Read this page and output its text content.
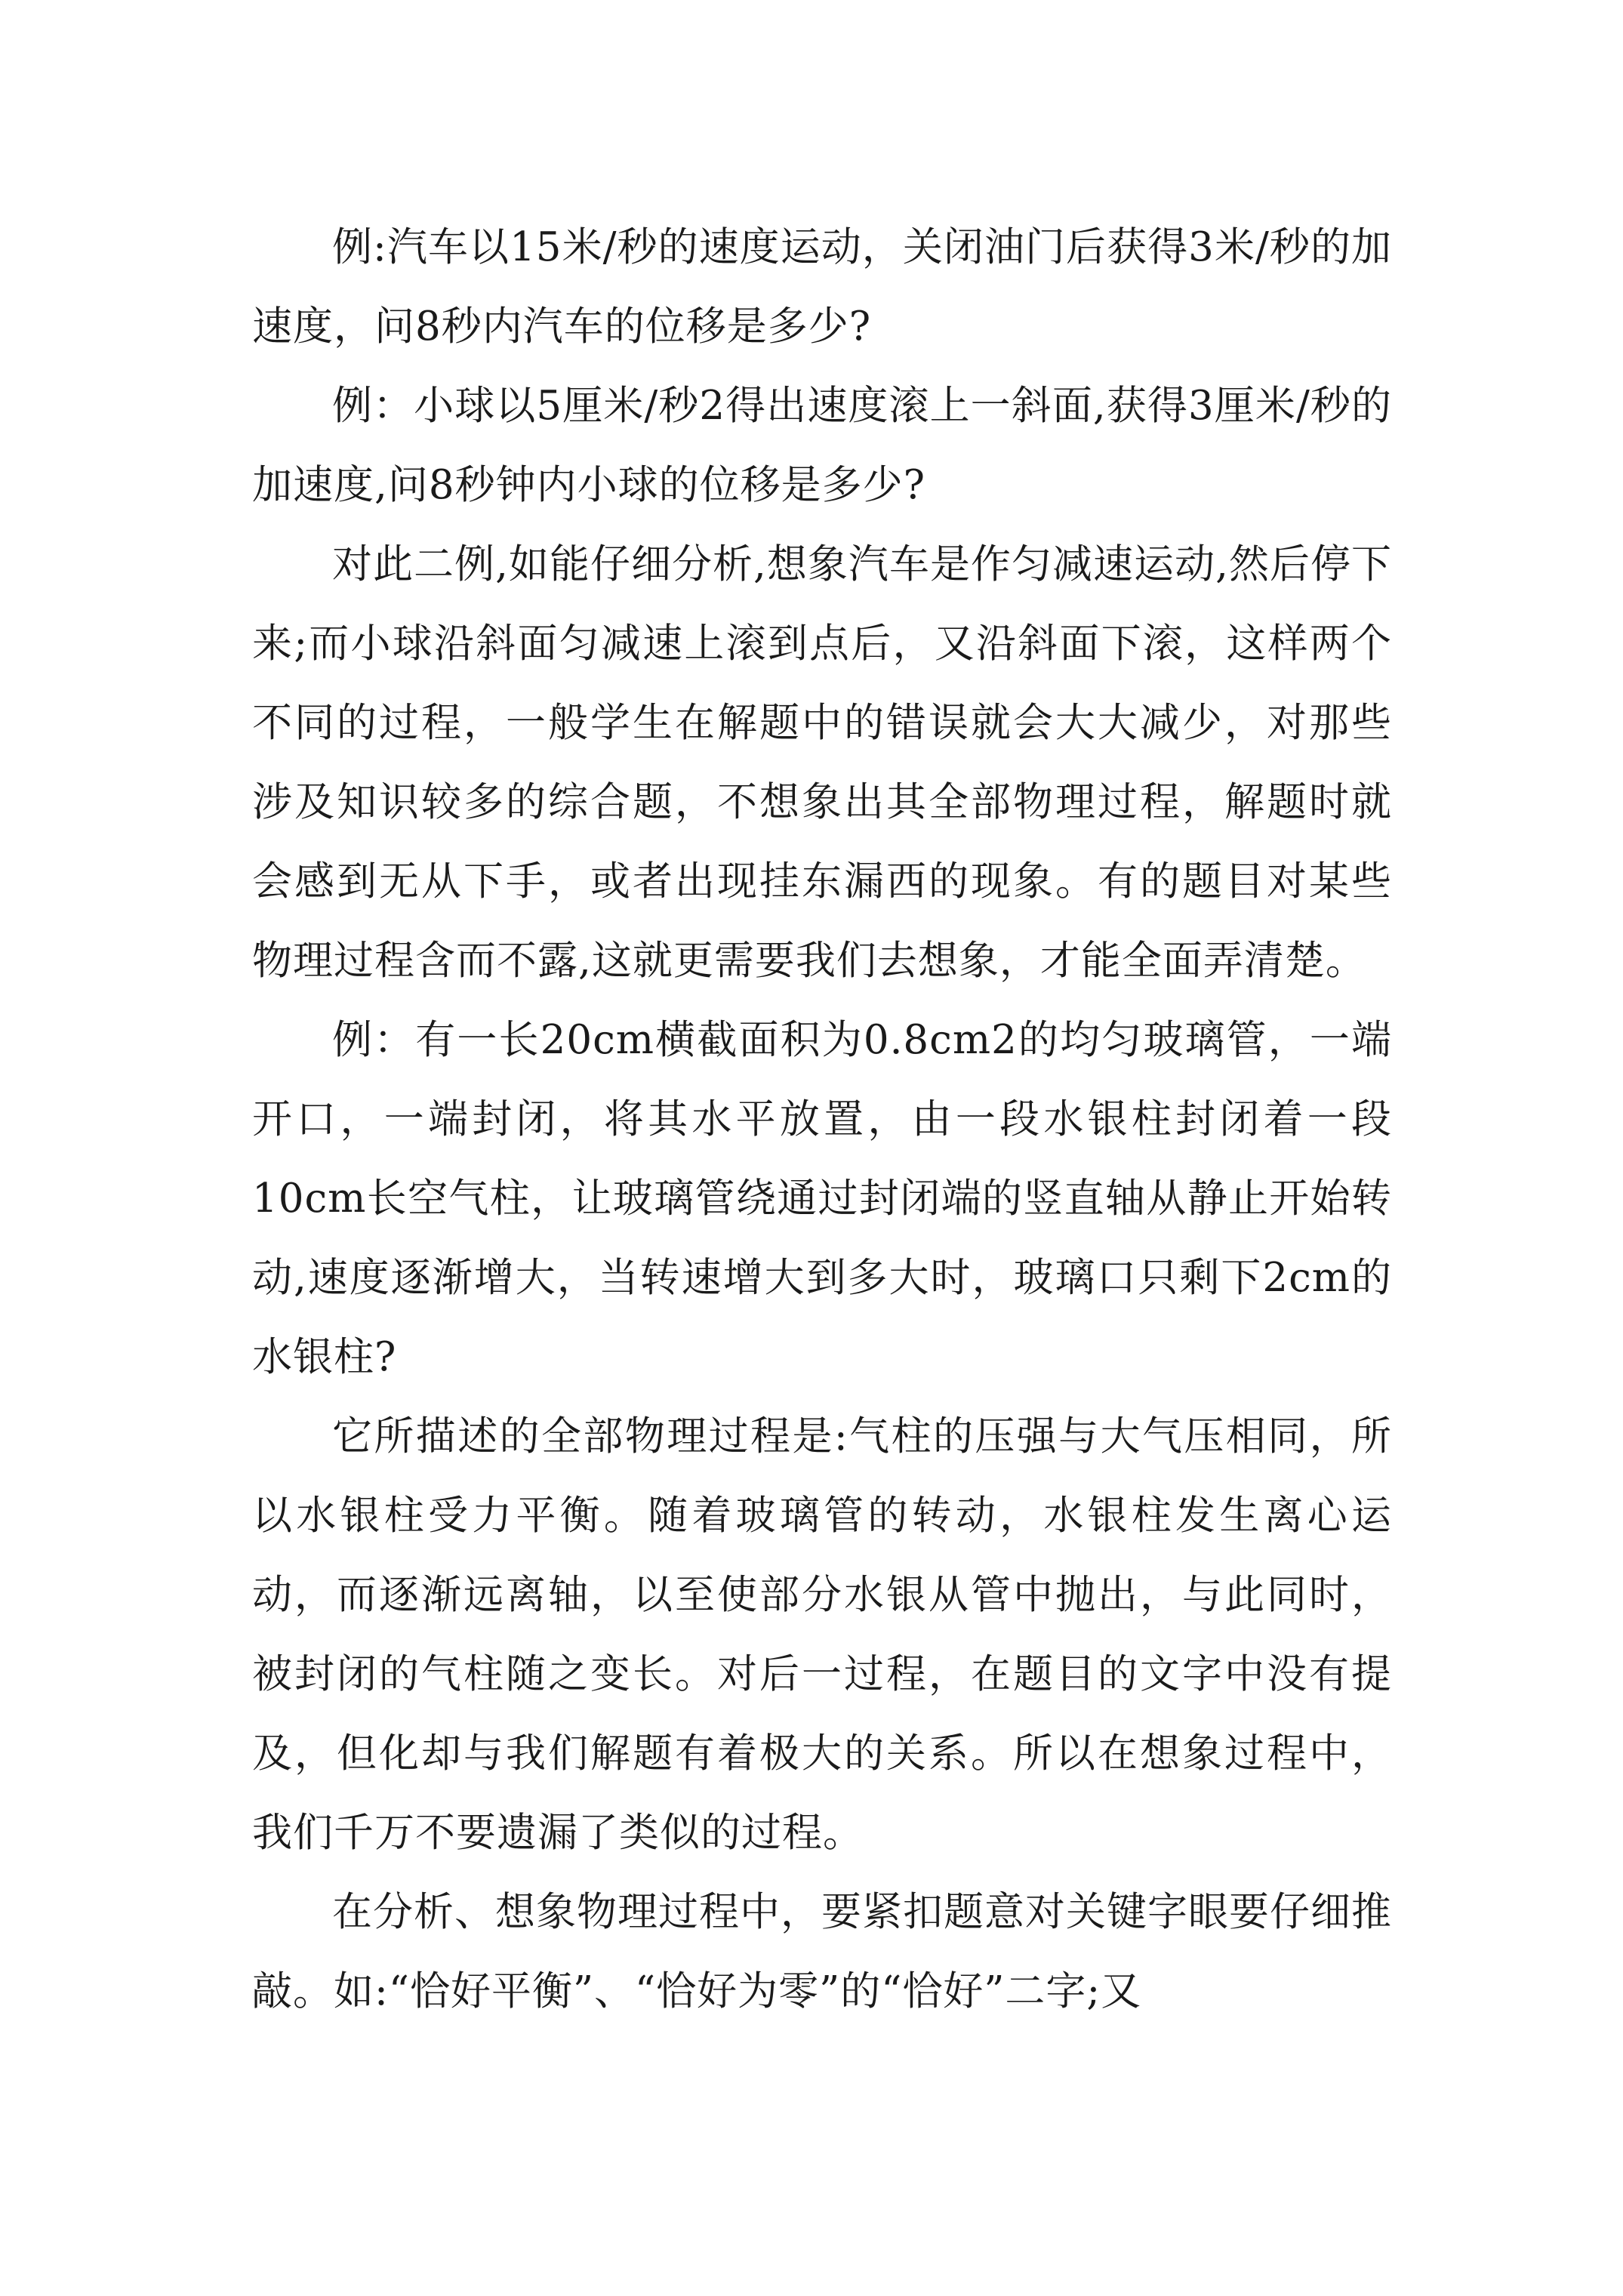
例:汽车以15米/秒的速度运动，关闭油门后获得3米/秒的加速度，问8秒内汽车的位移是多少?

例：小球以5厘米/秒2得出速度滚上一斜面,获得3厘米/秒的加速度,问8秒钟内小球的位移是多少?

对此二例,如能仔细分析,想象汽车是作匀减速运动,然后停下来;而小球沿斜面匀减速上滚到点后，又沿斜面下滚，这样两个不同的过程，一般学生在解题中的错误就会大大减少，对那些涉及知识较多的综合题，不想象出其全部物理过程，解题时就会感到无从下手，或者出现挂东漏西的现象。有的题目对某些物理过程含而不露,这就更需要我们去想象，才能全面弄清楚。

例：有一长20cm横截面积为0.8cm2的均匀玻璃管，一端开口，一端封闭，将其水平放置，由一段水银柱封闭着一段10cm长空气柱，让玻璃管绕通过封闭端的竖直轴从静止开始转动,速度逐渐增大，当转速增大到多大时，玻璃口只剩下2cm的水银柱?

它所描述的全部物理过程是:气柱的压强与大气压相同，所以水银柱受力平衡。随着玻璃管的转动，水银柱发生离心运动，而逐渐远离轴，以至使部分水银从管中抛出，与此同时，被封闭的气柱随之变长。对后一过程，在题目的文字中没有提及，但化却与我们解题有着极大的关系。所以在想象过程中，我们千万不要遗漏了类似的过程。

在分析、想象物理过程中，要紧扣题意对关键字眼要仔细推敲。如:“恰好平衡”、“恰好为零”的“恰好”二字;又
